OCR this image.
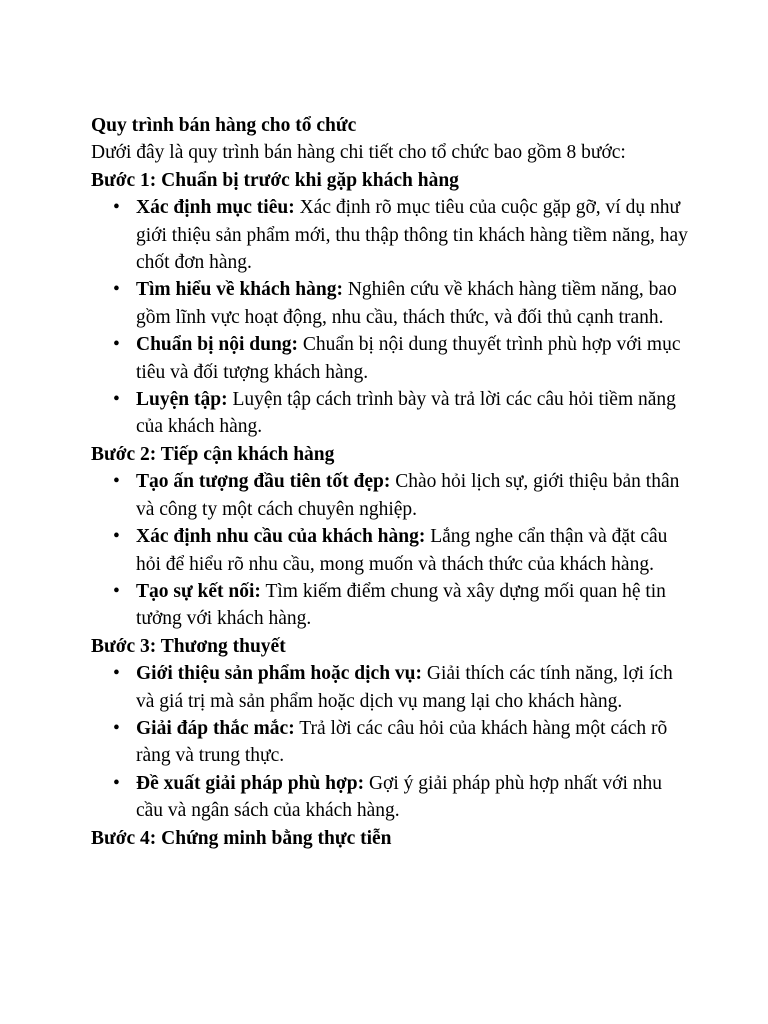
Quy trình bán hàng cho tổ chức

Dưới đây là quy trình bán hàng chi tiết cho tổ chức bao gồm 8 bước:

Bước 1: Chuẩn bị trước khi gặp khách hàng

• Xác định mục tiêu: Xác định rõ mục tiêu của cuộc gặp gỡ, ví dụ như giới thiệu sản phẩm mới, thu thập thông tin khách hàng tiềm năng, hay chốt đơn hàng.
• Tìm hiểu về khách hàng: Nghiên cứu về khách hàng tiềm năng, bao gồm lĩnh vực hoạt động, nhu cầu, thách thức, và đối thủ cạnh tranh.
• Chuẩn bị nội dung: Chuẩn bị nội dung thuyết trình phù hợp với mục tiêu và đối tượng khách hàng.
• Luyện tập: Luyện tập cách trình bày và trả lời các câu hỏi tiềm năng của khách hàng.

Bước 2: Tiếp cận khách hàng

• Tạo ấn tượng đầu tiên tốt đẹp: Chào hỏi lịch sự, giới thiệu bản thân và công ty một cách chuyên nghiệp.
• Xác định nhu cầu của khách hàng: Lắng nghe cẩn thận và đặt câu hỏi để hiểu rõ nhu cầu, mong muốn và thách thức của khách hàng.
• Tạo sự kết nối: Tìm kiếm điểm chung và xây dựng mối quan hệ tin tưởng với khách hàng.

Bước 3: Thương thuyết

• Giới thiệu sản phẩm hoặc dịch vụ: Giải thích các tính năng, lợi ích và giá trị mà sản phẩm hoặc dịch vụ mang lại cho khách hàng.
• Giải đáp thắc mắc: Trả lời các câu hỏi của khách hàng một cách rõ ràng và trung thực.
• Đề xuất giải pháp phù hợp: Gợi ý giải pháp phù hợp nhất với nhu cầu và ngân sách của khách hàng.

Bước 4: Chứng minh bằng thực tiễn
